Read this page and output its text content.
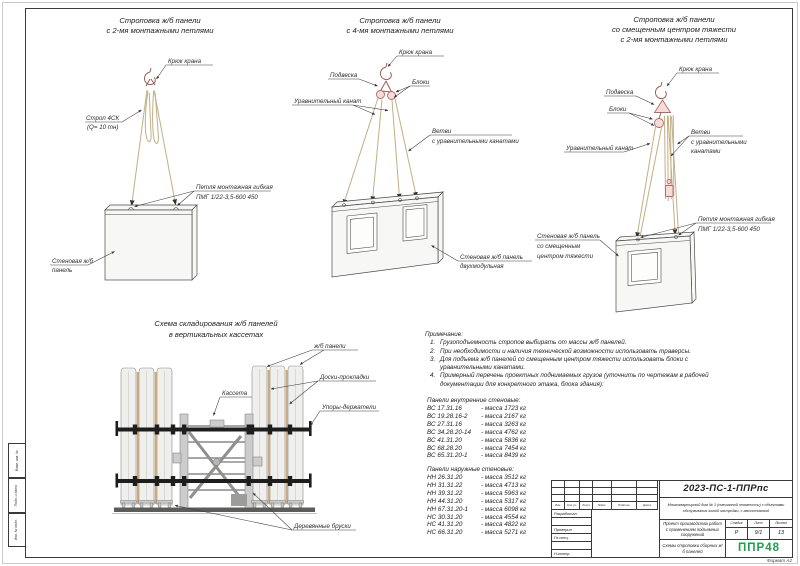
Строповка ж/б панели
с 2-мя монтажными петлями
Крюк крана
Строп 4СК
(Q= 10 тн)
Петля монтажная гибкая
ПМГ 1/22-3,5-600 450
Стеновая ж/б
панель
Строповка ж/б панели
с 4-мя монтажными петлями
Крюк крана
Подвеска
Блоки
Уравнительный канат
Ветви
с уравнительными канатами
Стеновая ж/б панель
двухмодульная
Строповка ж/б панели
со смещенным центром тяжести
с 2-мя монтажными петлями
Крюк крана
Подвеска
Блоки
Ветви
с уравнительными
канатами
Уравнительный канат
Петля монтажная гибкая
ПМГ 1/22-3,5-600 450
Стеновая ж/б панель
со смещенным
центром тяжести
Схема складирования ж/б панелей
в вертикальных кассетах
ж/б панели
Доски-прокладки
Кассета
Упоры-держатели
Деревянные бруски
Примечание:
1. Грузоподъемность стропов выбирать от массы ж/б панелей.
2. При необходимости и наличия технической возможности использовать траверсы.
3. Для подъема ж/б панелей со смещенным центром тяжести использовать блоки с уравнительными канатами.
4. Примерный перечень проектных поднимаемых грузов (уточнить по чертежам в рабочей документации для конкретного этажа, блока здания):
Панели внутренние стеновые:
ВС 17.31.16	- масса 1723 кг
ВС 19.28.16-2	- масса 2167 кг
ВС 27.31.16	- масса 3263 кг
ВС 34.28.20-14	- масса 4762 кг
ВС 41.31.20	- масса 5836 кг
ВС 68.28.20	- масса 7454 кг
ВС 65.31.20-1	- масса 8439 кг
Панели наружные стеновые:
НН 26.31.20	- масса 3512 кг
НН 31.31.22	- масса 4713 кг
НН 39.31.22	- масса 5963 кг
НН 44.31.20	- масса 5317 кг
НН 67.31.20-1	- масса 6098 кг
НС 30.31.20	- масса 4554 кг
НС 41.31.20	- масса 4822 кг
НС 66.31.20	- масса 5271 кг
Изм.	Кол.уч.	Лист	№док.	Подпись	Дата
Разработал
Проверил
Гл.спец.
Н.контр.
2023-ПС-1-ППРпс
Многоквартирный дом № 1 (смешанной этажности) с объектами обслуживания жилой застройки, с автостоянкой
Проект производства работ с применением подъемных сооружений
Стадия	Лист	Листов
Р	9/1	13
Схемы строповки сборных ж/б панелей	ППР48
Взам. инв. №
Подп. и дата
Инв. № подл.
Формат А2
